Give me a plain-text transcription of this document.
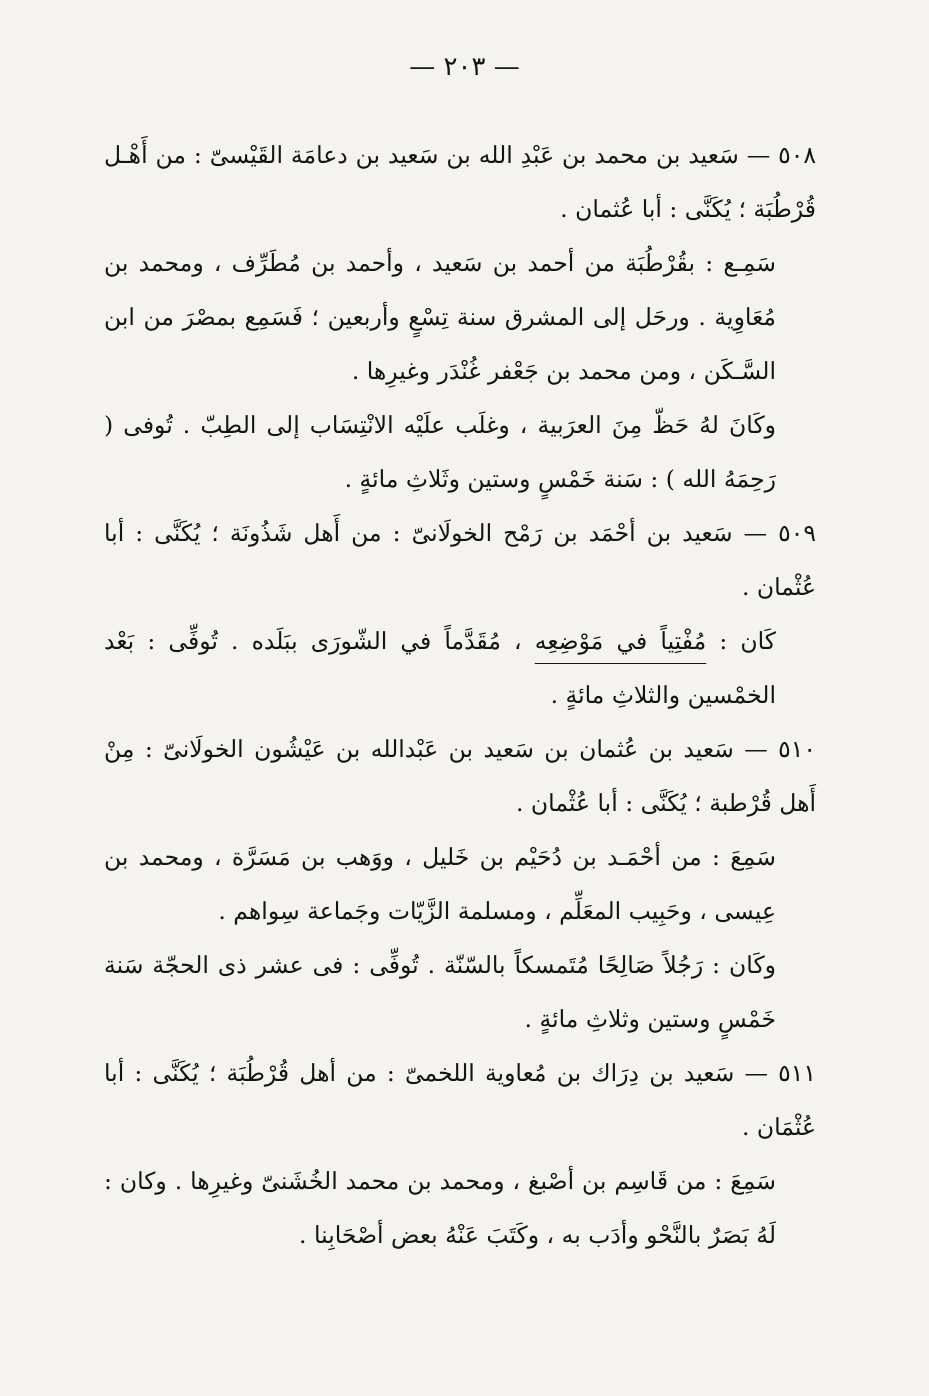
— ٢٠٣ —

٥٠٨ — سَعيد بن محمد بن عَبْدِ الله بن سَعيد بن دعامَة القَيْسىّ : من أَهْـل قُرْطُبَة ؛ يُكَنَّى : أبا عُثمان .

سَمِـع : بقُرْطُبَة من أحمد بن سَعيد ، وأحمد بن مُطَرِّف ، ومحمد بن مُعَاوِية . ورحَل إلى المشرق سنة تِسْعٍ وأربعين ؛ فَسَمِع بمصْرَ من ابن السَّـكَن ، ومن محمد بن جَعْفر غُنْدَر وغيرِها .

وكَانَ لهُ حَظّ مِنَ العرَبية ، وغلَب علَيْه الانْتِسَاب إلى الطِبّ . تُوفى ( رَحِمَهُ الله ) : سَنة خَمْسٍ وستين وثَلاثِ مائةٍ .

٥٠٩ — سَعيد بن أحْمَد بن رَمْح الخولَانىّ : من أَهل شَذُونَة ؛ يُكَنَّى : أبا عُثْمان .

كَان : مُفْتِياً في مَوْضِعِه ، مُقَدَّماً في الشّورَى ببَلَده . تُوفِّى : بَعْد الخمْسين والثلاثِ مائةٍ .

٥١٠ — سَعيد بن عُثمان بن سَعيد بن عَبْدالله بن عَيْشُون الخولَانىّ : مِنْ أَهل قُرْطبة ؛ يُكَنَّى : أبا عُثْمان .

سَمِعَ : من أحْمَـد بن دُحَيْم بن خَليل ، ووَهب بن مَسَرَّة ، ومحمد بن عِيسى ، وحَبِيب المعَلِّم ، ومسلمة الزَّيّات وجَماعة سِواهم .

وكَان : رَجُلاً صَالِحًا مُتَمسكاً بالسّنّة . تُوفِّى : فى عشر ذى الحجّة سَنة خَمْسٍ وستين وثلاثِ مائةٍ .

٥١١ — سَعيد بن دِرَاك بن مُعاوية اللخمىّ : من أهل قُرْطُبَة ؛ يُكَنَّى : أبا عُثْمَان .

سَمِعَ : من قَاسِم بن أصْبغ ، ومحمد بن محمد الخُشَنىّ وغيرِها . وكان : لَهُ بَصَرٌ بالنَّحْو وأدَب به ، وكَتَبَ عَنْهُ بعض أصْحَابِنا .
